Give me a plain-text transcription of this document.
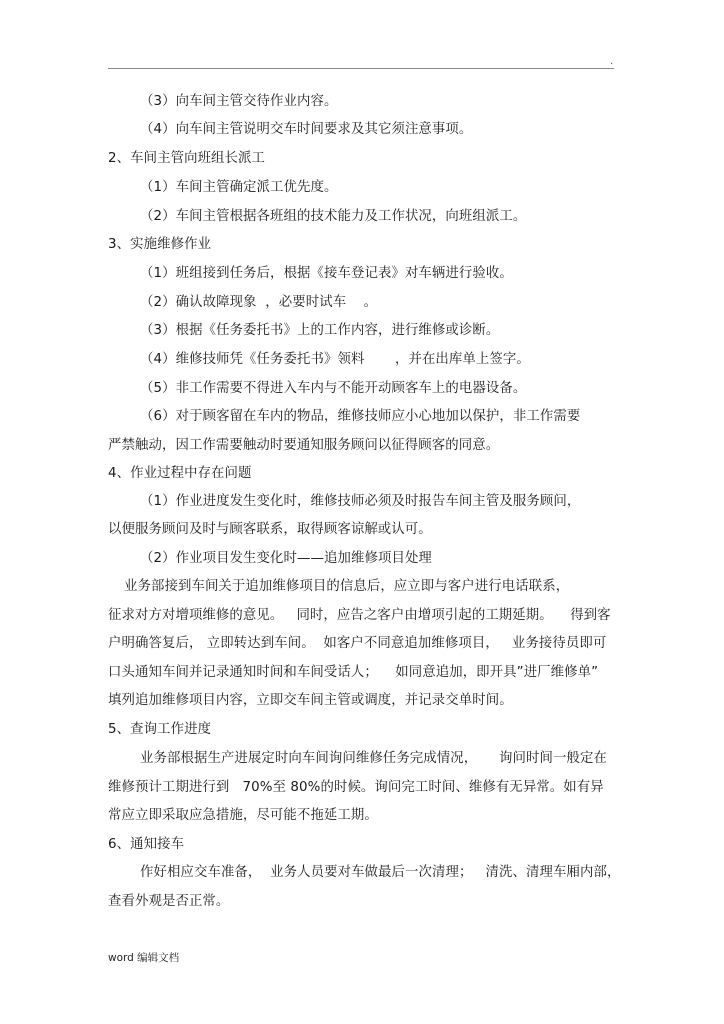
.
（3）向车间主管交待作业内容。
（4）向车间主管说明交车时间要求及其它须注意事项。
2、车间主管向班组长派工
（1）车间主管确定派工优先度。
（2）车间主管根据各班组的技术能力及工作状况，向班组派工。
3、实施维修作业
（1）班组接到任务后，根据《接车登记表》对车辆进行验收。
（2）确认故障现象  ，必要时试车    。
（3）根据《任务委托书》上的工作内容，进行维修或诊断。
（4）维修技师凭《任务委托书》领料       ，并在出库单上签字。
（5）非工作需要不得进入车内与不能开动顾客车上的电器设备。
（6）对于顾客留在车内的物品，维修技师应小心地加以保护，非工作需要
严禁触动，因工作需要触动时要通知服务顾问以征得顾客的同意。
4、作业过程中存在问题
（1）作业进度发生变化时，维修技师必须及时报告车间主管及服务顾问，
以便服务顾问及时与顾客联系，取得顾客谅解或认可。
（2）作业项目发生变化时——追加维修项目处理
业务部接到车间关于追加维修项目的信息后，应立即与客户进行电话联系，
征求对方对增项维修的意见。   同时，应告之客户由增项引起的工期延期。    得到客
户明确答复后， 立即转达到车间。  如客户不同意追加维修项目，   业务接待员即可
口头通知车间并记录通知时间和车间受话人；    如同意追加，即开具”进厂维修单”
填列追加维修项目内容，立即交车间主管或调度，并记录交单时间。
5、查询工作进度
业务部根据生产进展定时向车间询问维修任务完成情况，     询问时间一般定在
维修预计工期进行到   70%至 80%的时候。询问完工时间、维修有无异常。如有异
常应立即采取应急措施，尽可能不拖延工期。
6、通知接车
作好相应交车准备，  业务人员要对车做最后一次清理；   清洗、清理车厢内部，
查看外观是否正常。
word 编辑文档
